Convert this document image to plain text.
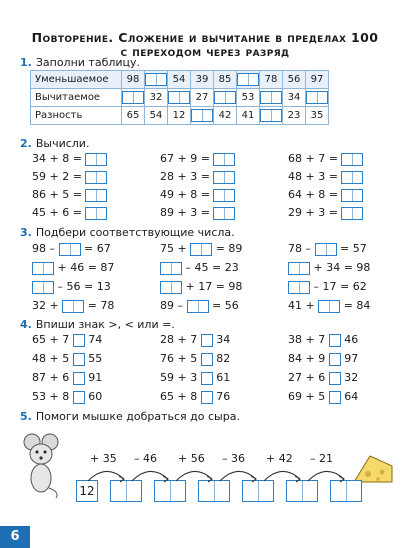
Повторение. Сложение и вычитание в пределах 100
с переходом через разряд
1. Заполни таблицу.
Уменьшаемое	98		54	39	85		78	56	97
Вычитаемое		32		27		53		34	
Разность	65	54	12		42	41		23	35
2. Вычисли.
34 + 8 =
59 + 2 =
86 + 5 =
45 + 6 =
67 + 9 =
28 + 3 =
49 + 8 =
89 + 3 =
68 + 7 =
48 + 3 =
64 + 8 =
29 + 3 =
3. Подбери соответствующие числа.
98 –	= 67
+ 46 = 87
– 56 = 13
32 +	= 78
75 +	= 89
– 45 = 23
+ 17 = 98
89 –	= 56
78 –	= 57
+ 34 = 98
– 17 = 62
41 +	= 84
4. Впиши знак >, < или =.
65 + 7 74
48 + 5 55
87 + 6 91
53 + 8 60
28 + 7 34
76 + 5 82
59 + 3 61
65 + 8 76
38 + 7 46
84 + 9 97
27 + 6 32
69 + 5 64
5. Помоги мышке добраться до сыра.
12
+ 35 – 46 + 56 – 36 + 42 – 21
6
